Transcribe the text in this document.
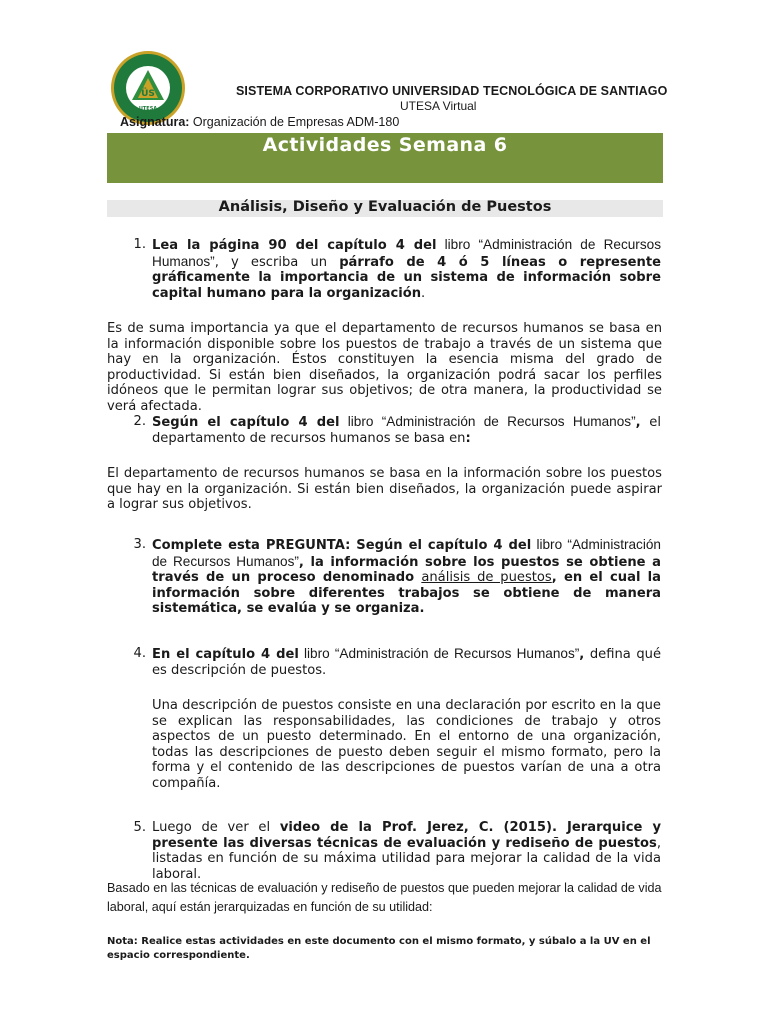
ÜS
UTESA
SISTEMA CORPORATIVO UNIVERSIDAD TECNOLÓGICA DE SANTIAGO
UTESA Virtual
Asignatura: Organización de Empresas ADM-180
Actividades Semana 6
Análisis, Diseño y Evaluación de Puestos
1. Lea la página 90 del capítulo 4 del libro “Administración de Recursos Humanos”, y escriba un párrafo de 4 ó 5 líneas o represente gráficamente la importancia de un sistema de información sobre capital humano para la organización.
Es de suma importancia ya que el departamento de recursos humanos se basa en la información disponible sobre los puestos de trabajo a través de un sistema que hay en la organización. Éstos constituyen la esencia misma del grado de productividad. Si están bien diseñados, la organización podrá sacar los perfiles idóneos que le permitan lograr sus objetivos; de otra manera, la productividad se verá afectada.
2. Según el capítulo 4 del libro “Administración de Recursos Humanos”, el departamento de recursos humanos se basa en:
El departamento de recursos humanos se basa en la información sobre los puestos que hay en la organización. Si están bien diseñados, la organización puede aspirar a lograr sus objetivos.
3. Complete esta PREGUNTA: Según el capítulo 4 del libro “Administración de Recursos Humanos”, la información sobre los puestos se obtiene a través de un proceso denominado análisis de puestos, en el cual la información sobre diferentes trabajos se obtiene de manera sistemática, se evalúa y se organiza.
4. En el capítulo 4 del libro “Administración de Recursos Humanos”, defina qué es descripción de puestos.
Una descripción de puestos consiste en una declaración por escrito en la que se explican las responsabilidades, las condiciones de trabajo y otros aspectos de un puesto determinado. En el entorno de una organización, todas las descripciones de puesto deben seguir el mismo formato, pero la forma y el contenido de las descripciones de puestos varían de una a otra compañía.
5. Luego de ver el video de la Prof. Jerez, C. (2015). Jerarquice y presente las diversas técnicas de evaluación y rediseño de puestos, listadas en función de su máxima utilidad para mejorar la calidad de la vida laboral.
Basado en las técnicas de evaluación y rediseño de puestos que pueden mejorar la calidad de vida laboral, aquí están jerarquizadas en función de su utilidad:
Nota: Realice estas actividades en este documento con el mismo formato, y súbalo a la UV en el espacio correspondiente.
